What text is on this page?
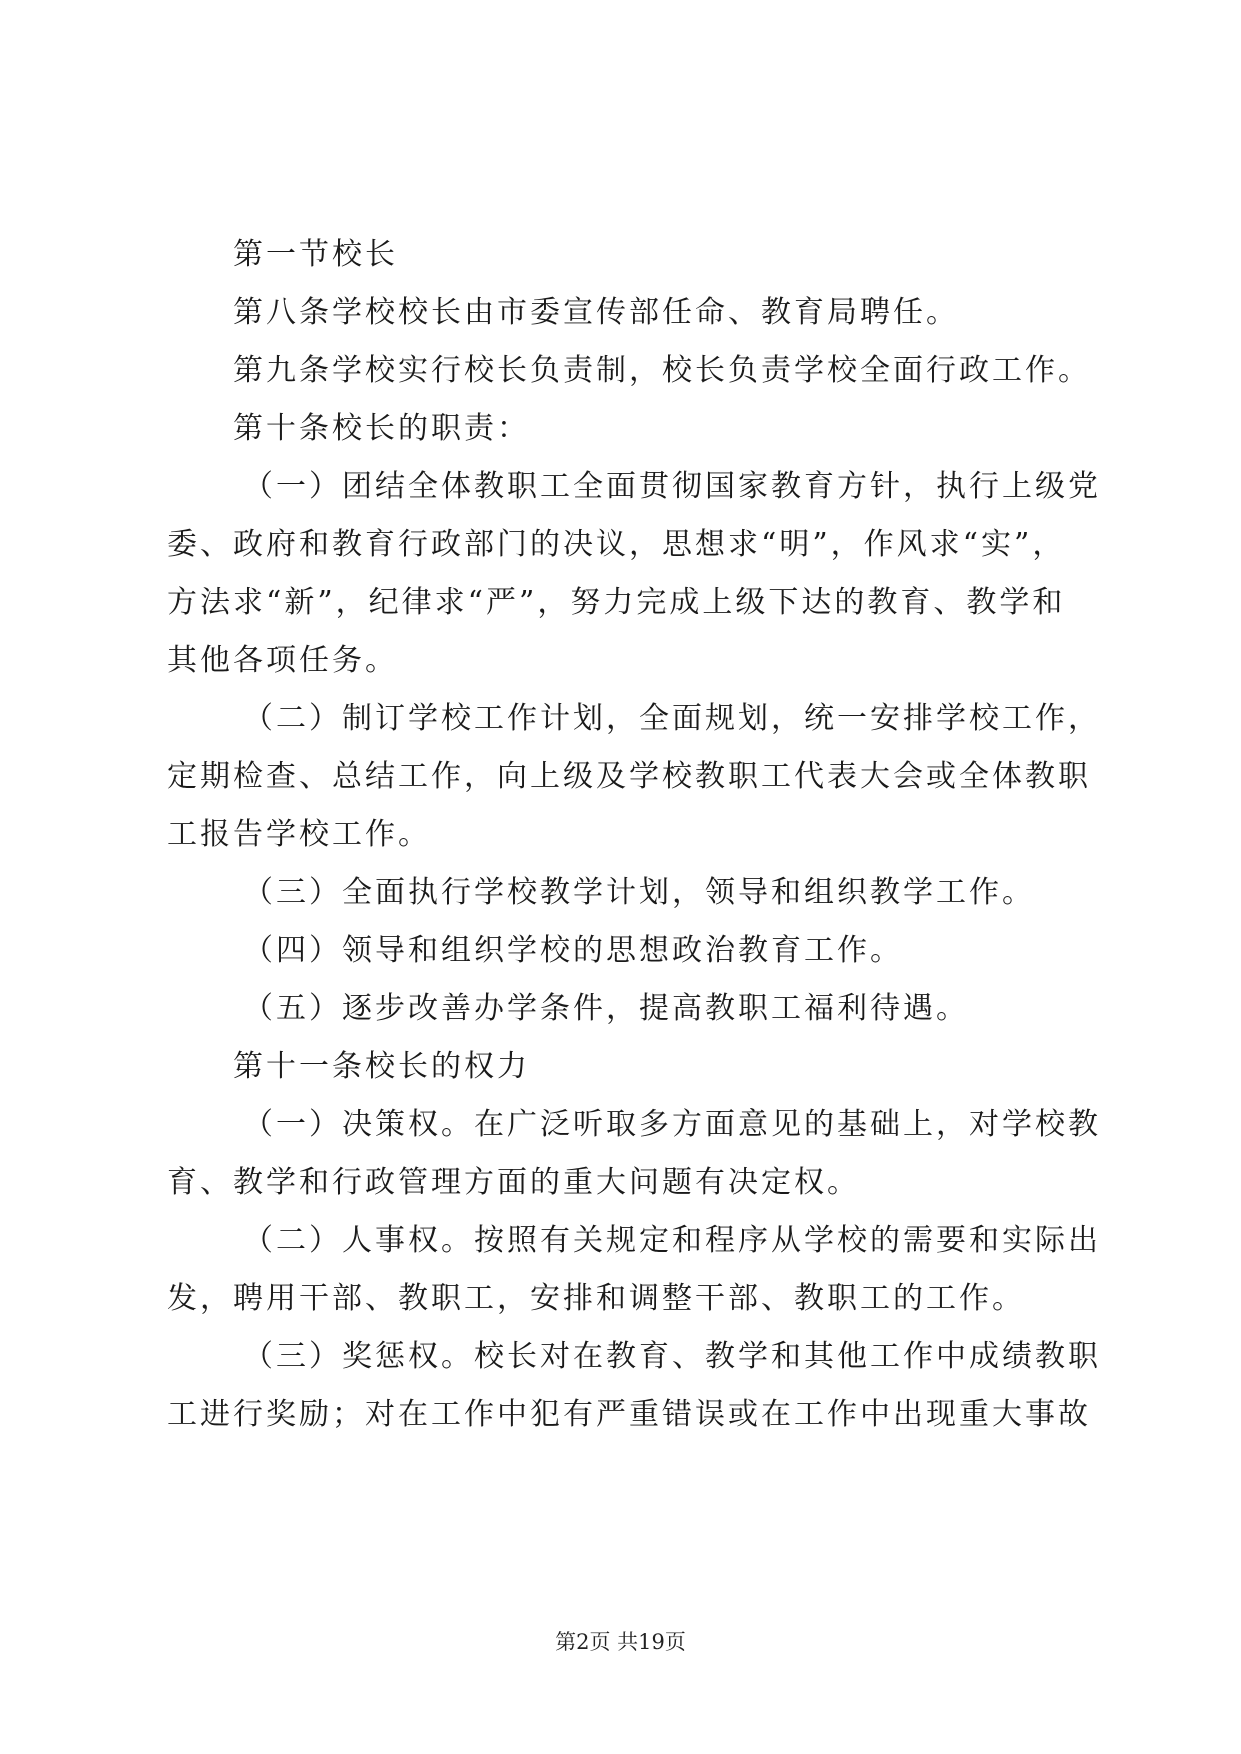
第一节校长
第八条学校校长由市委宣传部任命、教育局聘任。
第九条学校实行校长负责制，校长负责学校全面行政工作。
第十条校长的职责：
（一）团结全体教职工全面贯彻国家教育方针，执行上级党
委、政府和教育行政部门的决议，思想求“明”，作风求“实”，
方法求“新”，纪律求“严”，努力完成上级下达的教育、教学和
其他各项任务。
（二）制订学校工作计划，全面规划，统一安排学校工作，
定期检查、总结工作，向上级及学校教职工代表大会或全体教职
工报告学校工作。
（三）全面执行学校教学计划，领导和组织教学工作。
（四）领导和组织学校的思想政治教育工作。
（五）逐步改善办学条件，提高教职工福利待遇。
第十一条校长的权力
（一）决策权。在广泛听取多方面意见的基础上，对学校教
育、教学和行政管理方面的重大问题有决定权。
（二）人事权。按照有关规定和程序从学校的需要和实际出
发，聘用干部、教职工，安排和调整干部、教职工的工作。
（三）奖惩权。校长对在教育、教学和其他工作中成绩教职
工进行奖励；对在工作中犯有严重错误或在工作中出现重大事故
第2页 共19页
